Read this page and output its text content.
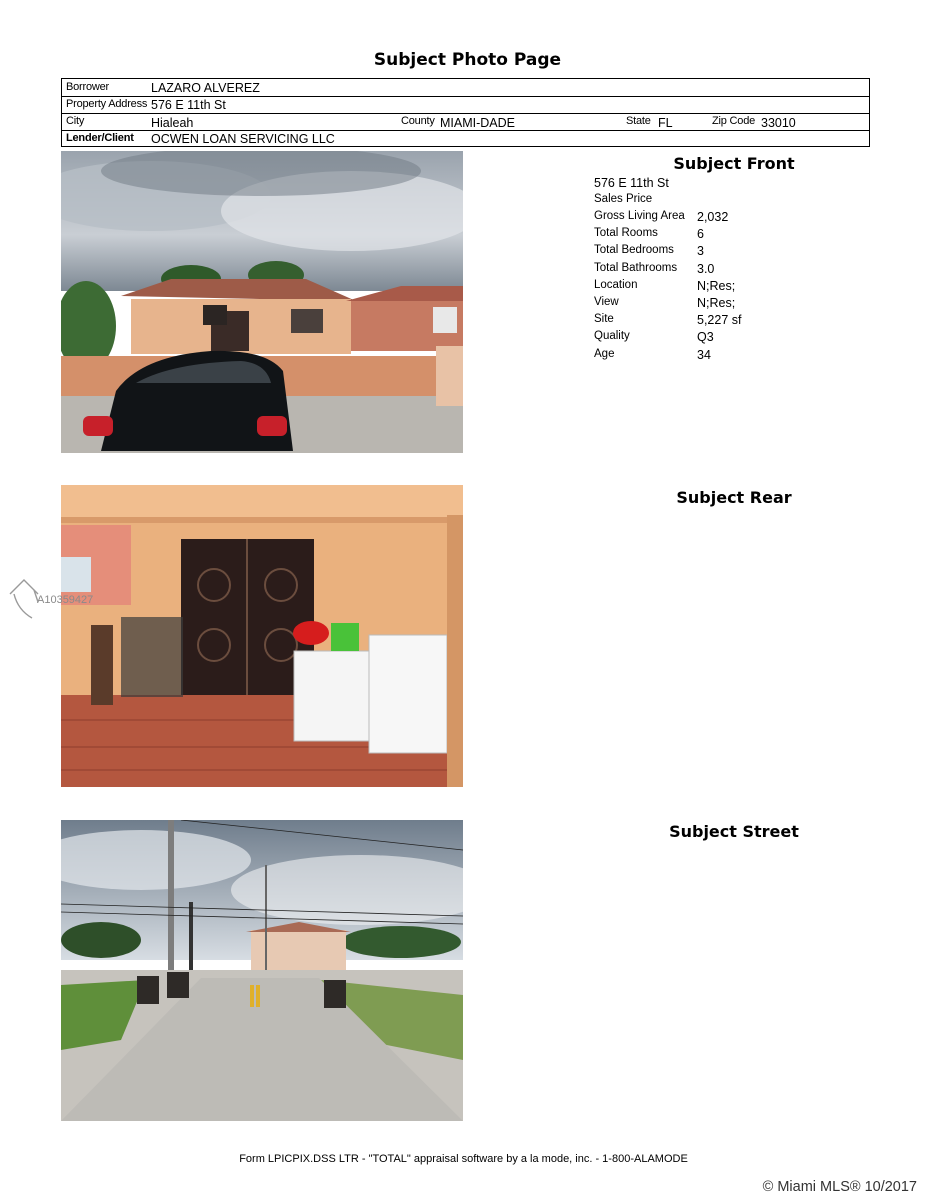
Subject Photo Page
Borrower	LAZARO ALVEREZ
Property Address 576 E 11th St
City	Hialeah	County MIAMI-DADE	State FL	Zip Code 33010
Lender/Client OCWEN LOAN SERVICING LLC
Subject Front
576 E 11th St
Sales Price
Gross Living Area 2,032
Total Rooms	6
Total Bedrooms 3
Total Bathrooms 3.0
Location	N;Res;
View	N;Res;
Site	5,227 sf
Quality	Q3
Age	34
Subject Rear
A10359427
Subject Street
Form LPICPIX.DSS LTR - "TOTAL" appraisal software by a la mode, inc. - 1-800-ALAMODE
© Miami MLS® 10/2017
